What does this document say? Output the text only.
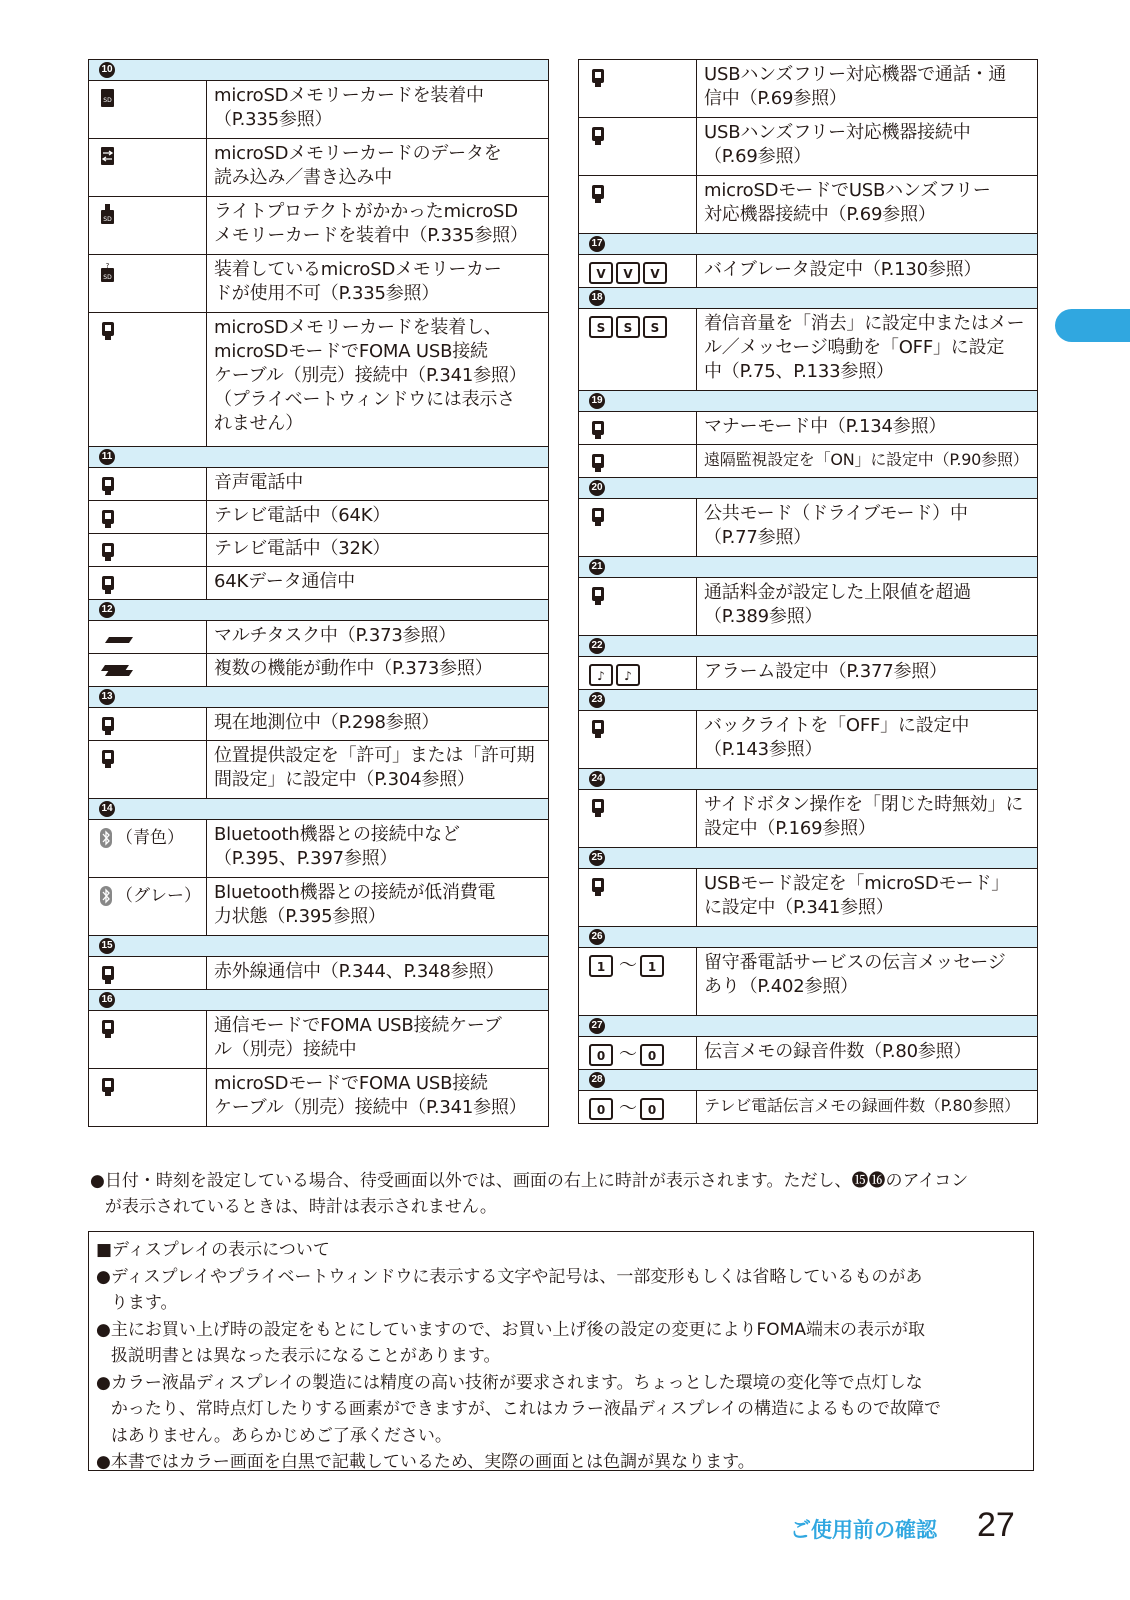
10
SD	microSDメモリーカードを装着中
（P.335参照）
microSDメモリーカードのデータを
読み込み／書き込み中
SD	ライトプロテクトがかかったmicroSD
メモリーカードを装着中（P.335参照）
?
SD	装着しているmicroSDメモリーカー
ドが使用不可（P.335参照）
microSDメモリーカードを装着し、
microSDモードでFOMA USB接続
ケーブル（別売）接続中（P.341参照）
（プライベートウィンドウには表示さ
れません）
11
音声電話中
テレビ電話中（64K）
テレビ電話中（32K）
64Kデータ通信中
12
マルチタスク中（P.373参照）
複数の機能が動作中（P.373参照）
13
現在地測位中（P.298参照）
位置提供設定を「許可」または「許可期
間設定」に設定中（P.304参照）
14
（青色）	Bluetooth機器との接続中など
（P.395、P.397参照）
（グレー） Bluetooth機器との接続が低消費電
力状態（P.395参照）
15
赤外線通信中（P.344、P.348参照）
16
通信モードでFOMA USB接続ケーブ
ル（別売）接続中
microSDモードでFOMA USB接続
ケーブル（別売）接続中（P.341参照）
USBハンズフリー対応機器で通話・通
信中（P.69参照）
USBハンズフリー対応機器接続中
（P.69参照）
microSDモードでUSBハンズフリー
対応機器接続中（P.69参照）
17
V V V	バイブレータ設定中（P.130参照）
18
S S S	着信音量を「消去」に設定中またはメー
ル／メッセージ鳴動を「OFF」に設定
中（P.75、P.133参照）
19
マナーモード中（P.134参照）
遠隔監視設定を「ON」に設定中（P.90参照）
20
公共モード（ドライブモード）中
（P.77参照）
21
通話料金が設定した上限値を超過
（P.389参照）
22
♪ ♪	アラーム設定中（P.377参照）
23
バックライトを「OFF」に設定中
（P.143参照）
24
サイドボタン操作を「閉じた時無効」に
設定中（P.169参照）
25
USBモード設定を「microSDモード」
に設定中（P.341参照）
26
1 〜 1	留守番電話サービスの伝言メッセージ
あり（P.402参照）
27
0 〜 0	伝言メモの録音件数（P.80参照）
28
0 〜 0	テレビ電話伝言メモの録画件数（P.80参照）
● 日付・時刻を設定している場合、待受画面以外では、画面の右上に時計が表示されます。ただし、⓯⓰のアイコン
が表示されているときは、時計は表示されません。
■ディスプレイの表示について
● ディスプレイやプライベートウィンドウに表示する文字や記号は、一部変形もしくは省略しているものがあ
ります。
● 主にお買い上げ時の設定をもとにしていますので、お買い上げ後の設定の変更によりFOMA端末の表示が取
扱説明書とは異なった表示になることがあります。
● カラー液晶ディスプレイの製造には精度の高い技術が要求されます。ちょっとした環境の変化等で点灯しな
かったり、常時点灯したりする画素ができますが、これはカラー液晶ディスプレイの構造によるもので故障で
はありません。あらかじめご了承ください。
● 本書ではカラー画面を白黒で記載しているため、実際の画面とは色調が異なります。
ご使用前の確認 27
